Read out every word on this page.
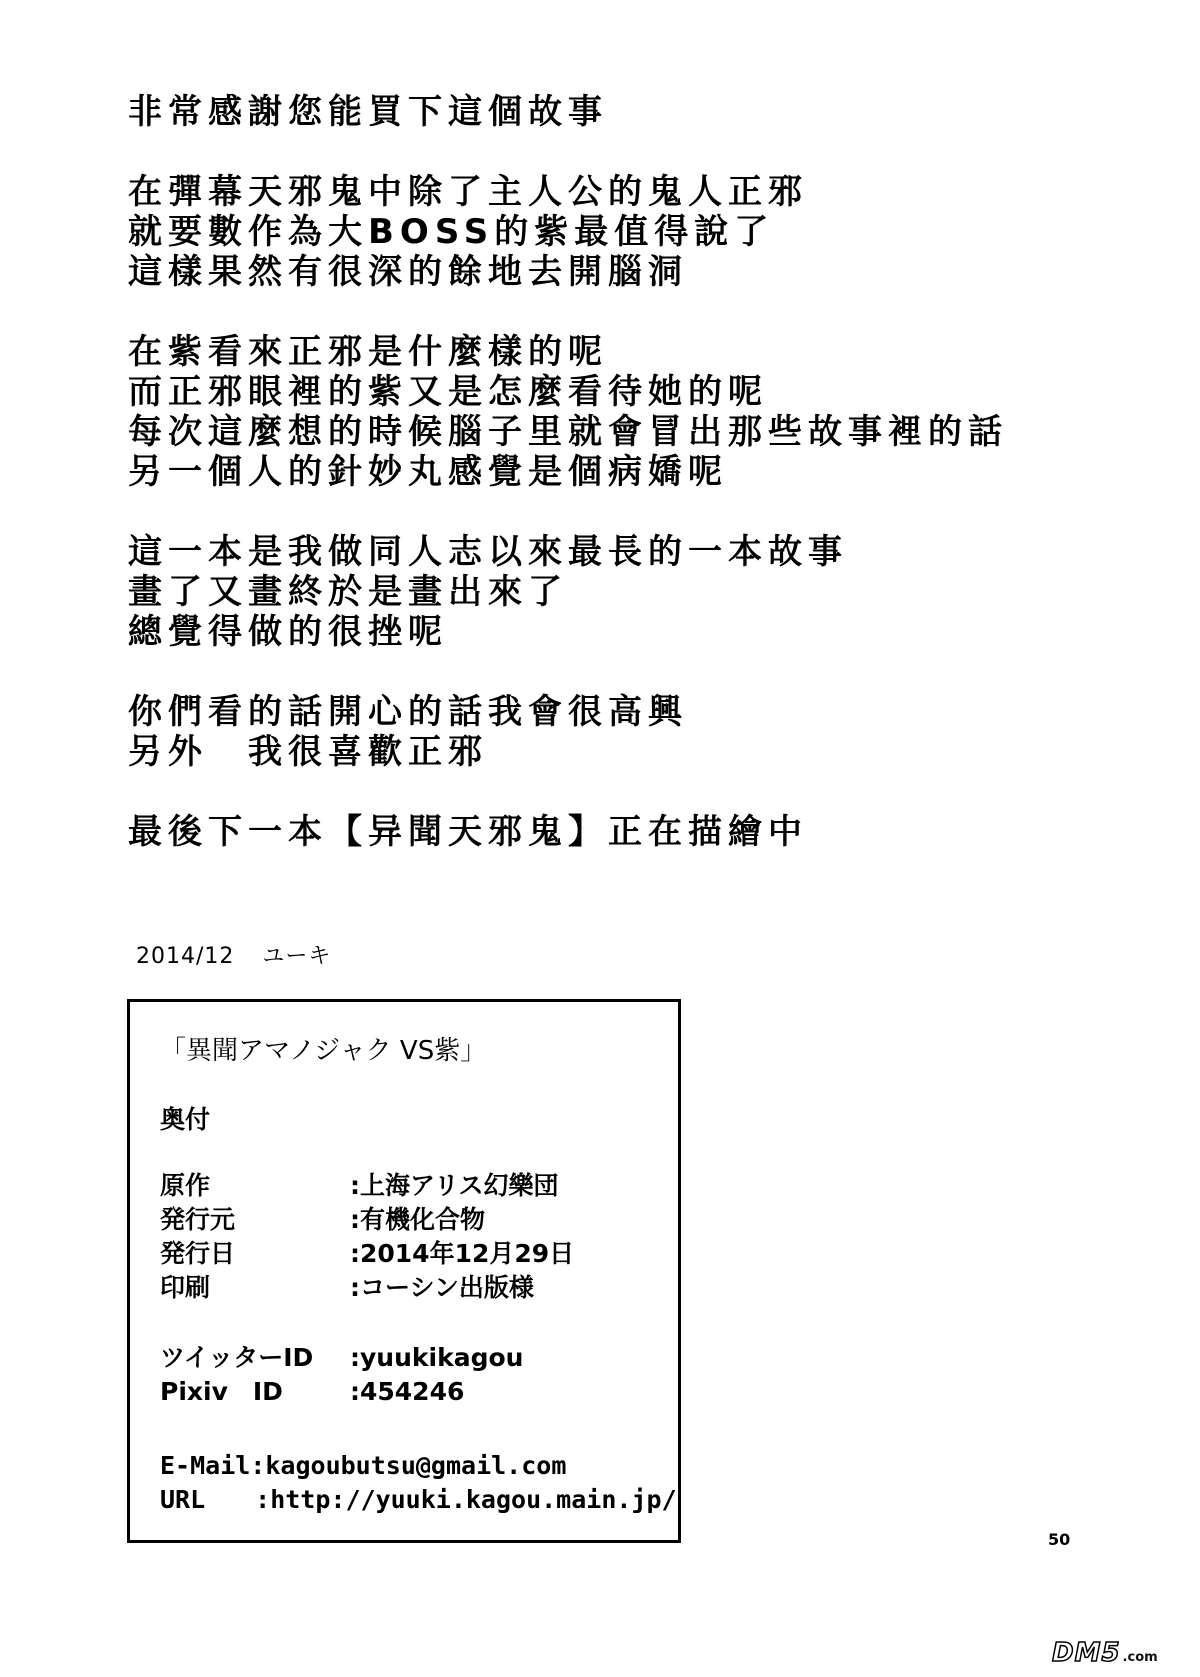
非常感謝您能買下這個故事
在彈幕天邪鬼中除了主人公的鬼人正邪
就要數作為大BOSS的紫最值得說了
這樣果然有很深的餘地去開腦洞
在紫看來正邪是什麼樣的呢
而正邪眼裡的紫又是怎麼看待她的呢
每次這麼想的時候腦子里就會冒出那些故事裡的話
另一個人的針妙丸感覺是個病嬌呢
這一本是我做同人志以來最長的一本故事
畫了又畫終於是畫出來了
總覺得做的很挫呢
你們看的話開心的話我會很高興
另外　我很喜歡正邪
最後下一本【异聞天邪鬼】正在描繪中
2014/12 ユーキ
「異聞アマノジャク VS紫」
奥付
原作	:上海アリス幻樂団
発行元	:有機化合物
発行日	:2014年12月29日
印刷	:コーシン出版様
ツイッターID :yuukikagou
Pixiv　ID	:454246
E-Mail:kagoubutsu@gmail.com
URL　　:http://yuuki.kagou.main.jp/
50
DM5 .com
